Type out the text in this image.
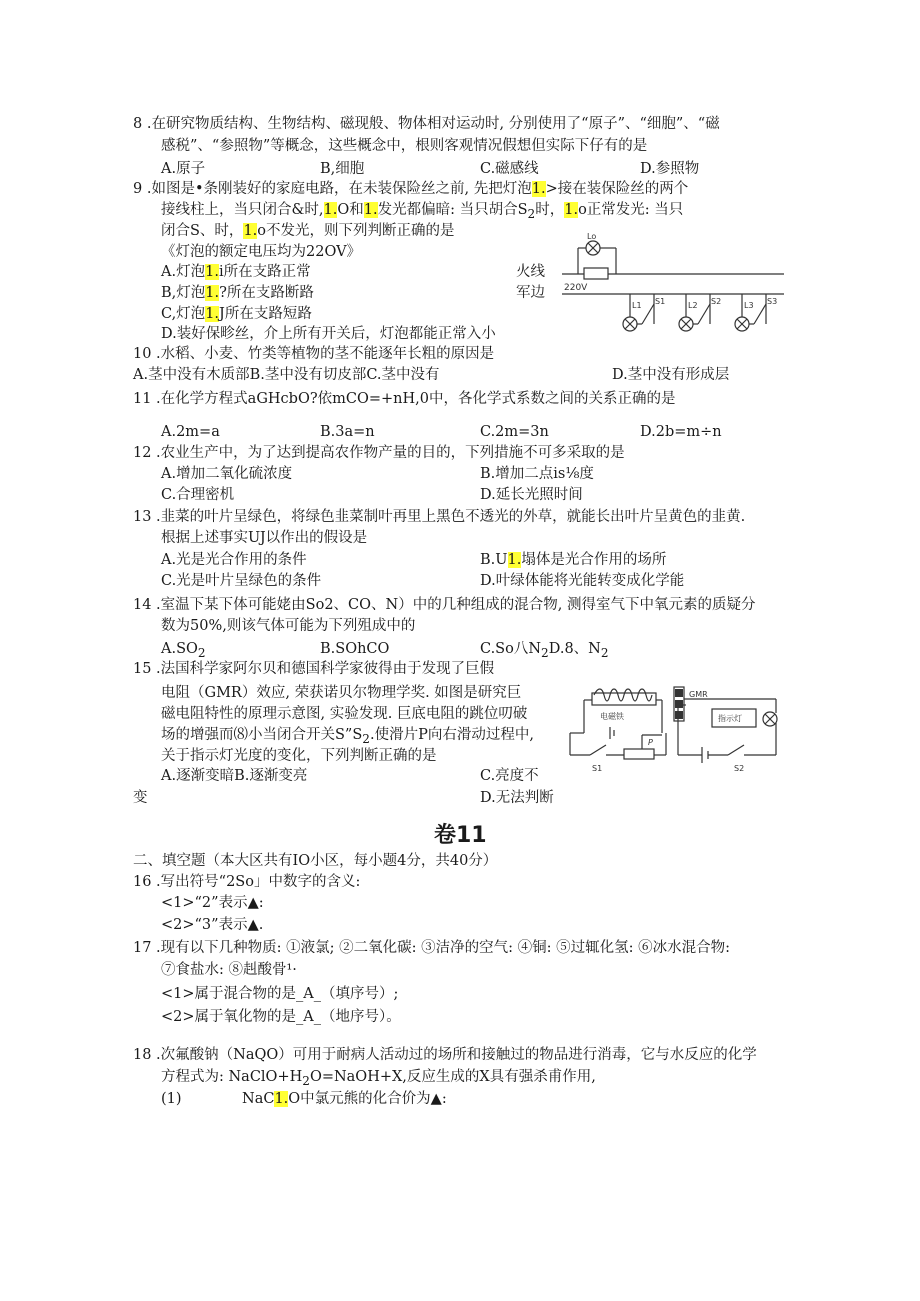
8 .在研究物质结构、生物结构、磁现般、物体相对运动时, 分别使用了“原子”、“细胞”、“磁
感税”、“参照物”等概念，这些概念中，根则客观情况假想但实际下仔有的是
A.原子	B,细胞	C.磁感线	D.参照物
9 .如图是•条刚装好的家庭电路，在未装保险丝之前, 先把灯泡1.>接在装保险丝的两个
接线柱上，当只闭合&时,1.O和1.发光都偏暗: 当只胡合$S_2$时，1.o正常发光: 当只
闭合S、时，1.o不发光，则下列判断正确的是
《灯泡的额定电压均为22OV》
A.灯泡1.i所在支路正常
B,灯泡1.?所在支路断路
C,灯泡1.J所在支路短路
D.装好保畛丝，介上所有开关后，灯泡都能正常入小
火线
军边
Lo
220V
L1 S1	L2 S2	L3 S3
10 .水稻、小麦、竹类等植物的茎不能逐年长粗的原因是
A.茎中没有木质部B.茎中没有切皮部C.茎中没有	D.茎中没有形成层
11 .在化学方程式aGHcbO?依mCO=+nH,0中，各化学式系数之间的关系正确的是
A.2m=a	B.3a=n	C.2m=3n	D.2b=m÷n
12 .农业生产中，为了达到提高农作物产量的目的，下列措施不可多采取的是
A.增加二氧化硫浓度	B.增加二点is⅛度
C.合理密机	D.延长光照时间
13 .韭菜的叶片呈绿色，将绿色韭菜制叶再里上黑色不透光的外草，就能长出叶片呈黄色的韭黄.
根据上述事实UJ以作出的假设是
A.光是光合作用的条件	B.U1.塌体是光合作用的场所
C.光是叶片呈绿色的条件	D.叶绿体能将光能转变成化学能
14 .室温下某下体可能姥由So2、CO、N）中的几种组成的混合物, 测得室气下中氧元素的质疑分
数为50%,则该气体可能为下列殂成中的
$A.SO_2$	B.SOhCO	C.So八$N_2D.8$、$N_2$
15 .法国科学家阿尔贝和德国科学家彼得由于发现了巨假
电阻（GMR）效应, 荣获诺贝尔物理学奖. 如图是研究巨
磁电阻特性的原理示意图, 实验发现. 巨底电阻的跳位叨破
场的增强而⑻小当闭合开关$S”S_2$.使滑片P向右滑动过程中,
关于指示灯光度的变化，下列判断正确的是
A.逐渐变暗B.逐渐变亮	C.亮度不
变	D.无法判断
GMR
电磁铁	指示灯
P
S1	S2
卷11
二、填空题（本大区共有IO小区，每小题4分，共40分）
16 .写出符号“2So」中数字的含义:
<1>“2”表示▲:
<2>“3”表示▲.
17 .现有以下几种物质: ①液氯; ②二氧化碳: ③洁净的空气: ④铜: ⑤过辄化氢: ⑥冰水混合物:
⑦食盐水: ⑧赳酸骨¹·
<1>属于混合物的是_A_（填序号）;
<2>属于氧化物的是_A_（地序号）。
18 .次氟酸钠（NaQO）可用于耐病人活动过的场所和接触过的物品进行消毒，它与水反应的化学
方程式为: $NaClO+H_2O=NaOH+X$,反应生成的X具有强杀甫作用,
(1)	NaC1.O中氯元熊的化合价为▲:
